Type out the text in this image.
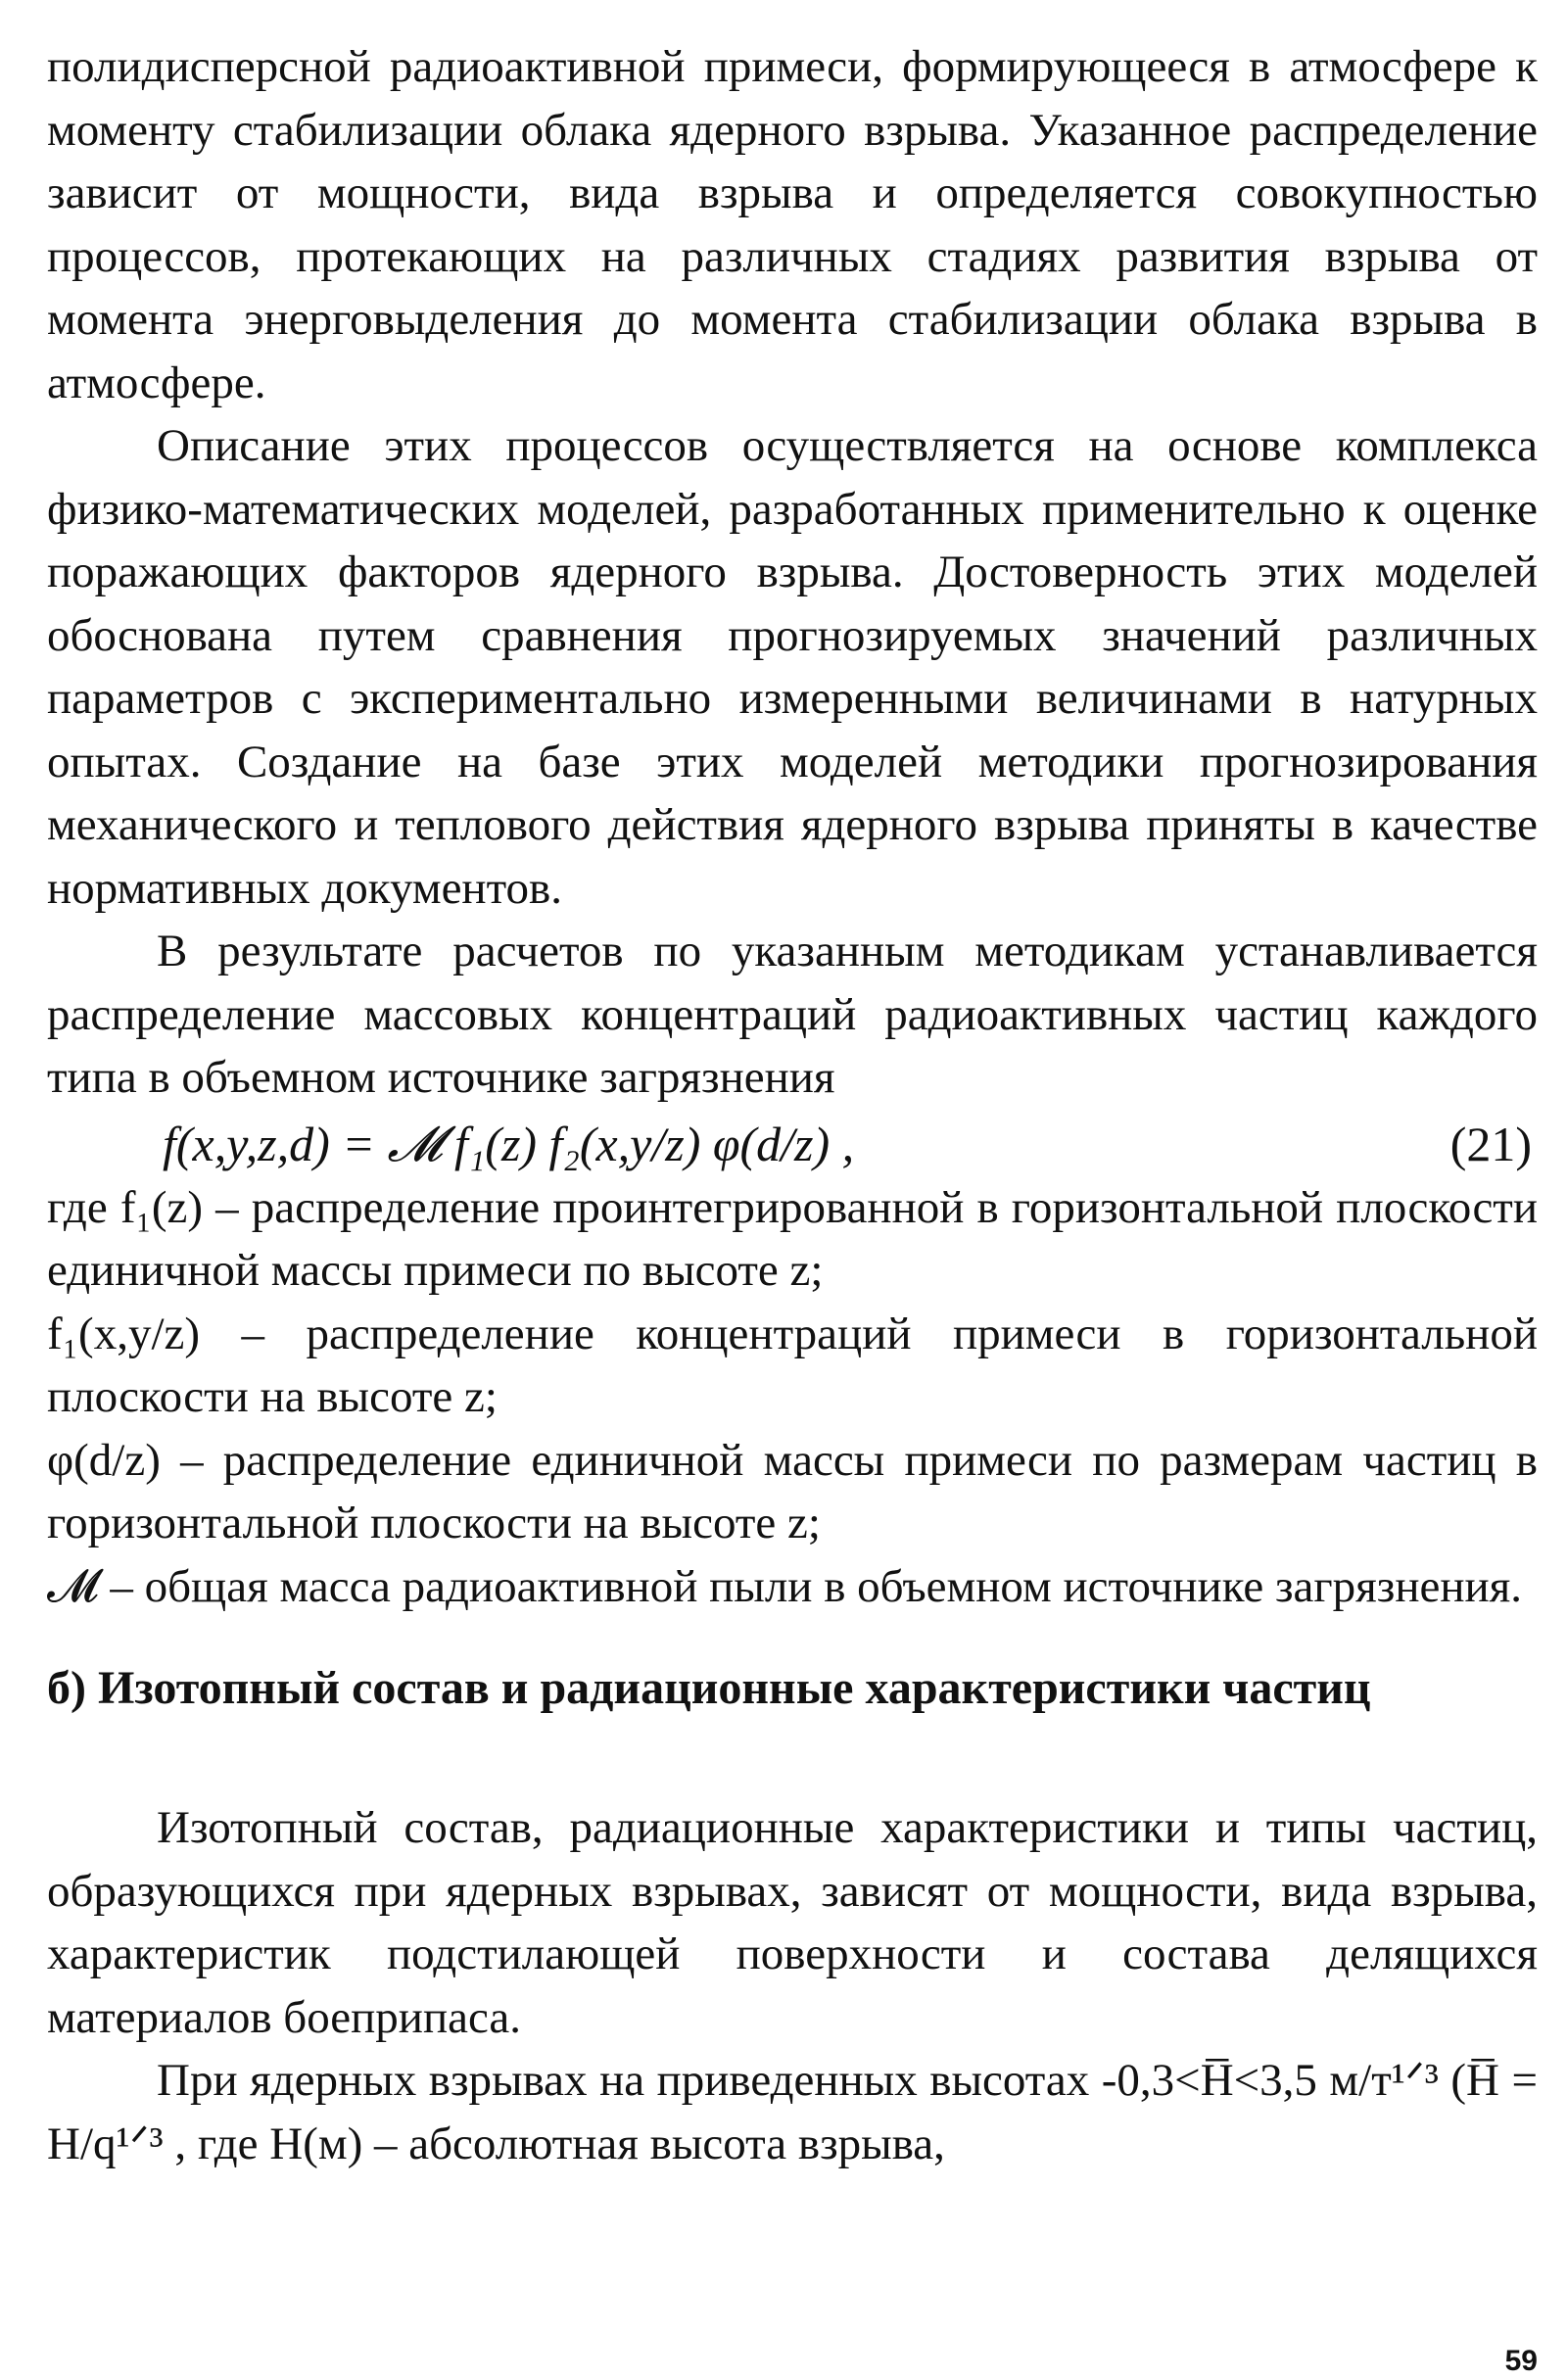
полидисперсной радиоактивной примеси, формирующееся в атмосфере к моменту стабилизации облака ядерного взрыва. Указанное распределение зависит от мощности, вида взрыва и определяется совокупностью процессов, протекающих на различных стадиях развития взрыва от момента энерговыделения до момента стабилизации облака взрыва в атмосфере.

Описание этих процессов осуществляется на основе комплекса физико-математических моделей, разработанных применительно к оценке поражающих факторов ядерного взрыва. Достоверность этих моделей обоснована путем сравнения прогнозируемых значений различных параметров с экспериментально измеренными величинами в натурных опытах. Создание на базе этих моделей методики прогнозирования механического и теплового действия ядерного взрыва приняты в качестве нормативных документов.

В результате расчетов по указанным методикам устанавливается распределение массовых концентраций радиоактивных частиц каждого типа в объемном источнике загрязнения

f(x,y,z,d) = 𝓜 f₁(z) f₂(x,y/z) φ(d/z) ,	(21)

где f₁(z) – распределение проинтегрированной в горизонтальной плоскости единичной массы примеси по высоте z;

f₁(x,y/z) – распределение концентраций примеси в горизонтальной плоскости на высоте z;

φ(d/z) – распределение единичной массы примеси по размерам частиц в горизонтальной плоскости на высоте z;

𝓜 – общая масса радиоактивной пыли в объемном источнике загрязнения.

б) Изотопный состав и радиационные характеристики частиц

Изотопный состав, радиационные характеристики и типы частиц, образующихся при ядерных взрывах, зависят от мощности, вида взрыва, характеристик подстилающей поверхности и состава делящихся материалов боеприпаса.

При ядерных взрывах на приведенных высотах -0,3<H̅<3,5 м/т¹ᐟ³ (H̅ = H/q¹ᐟ³ , где H(м) – абсолютная высота взрыва,

59
